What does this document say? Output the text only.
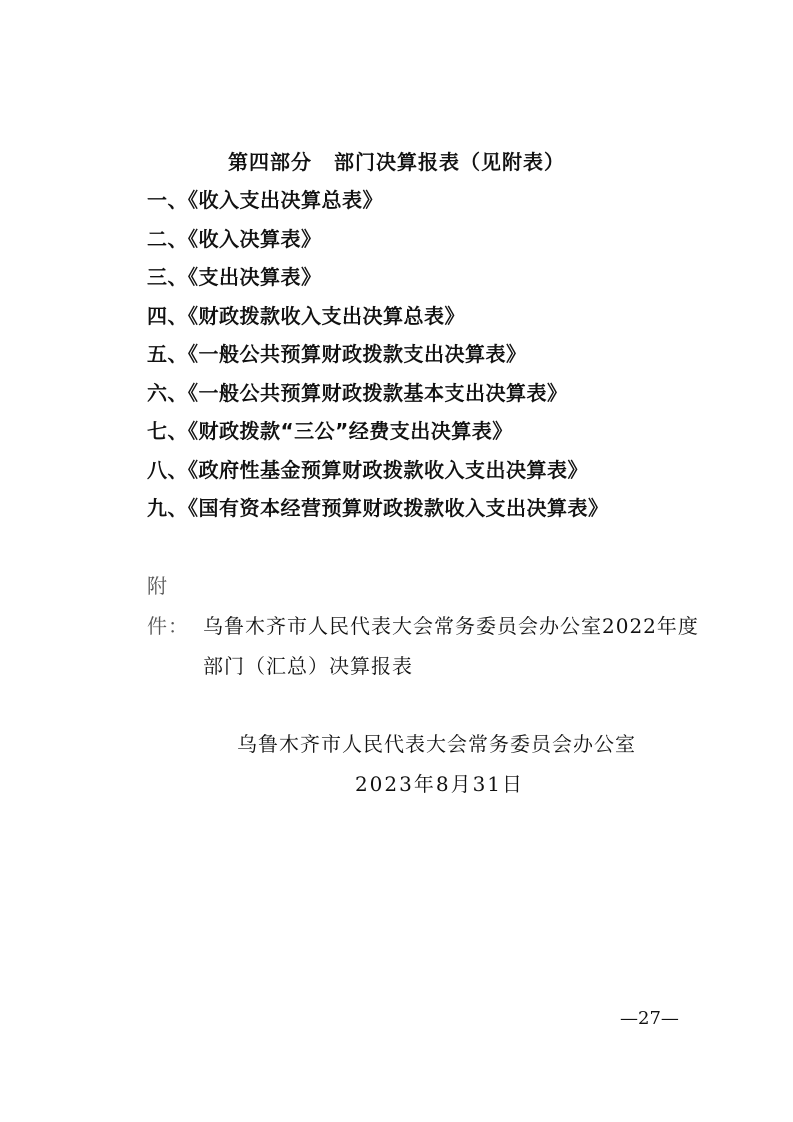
第四部分 部门决算报表（见附表）
一、《收入支出决算总表》
二、《收入决算表》
三、《支出决算表》
四、《财政拨款收入支出决算总表》
五、《一般公共预算财政拨款支出决算表》
六、《一般公共预算财政拨款基本支出决算表》
七、《财政拨款“三公”经费支出决算表》
八、《政府性基金预算财政拨款收入支出决算表》
九、《国有资本经营预算财政拨款收入支出决算表》
附件： 乌鲁木齐市人民代表大会常务委员会办公室2022年度
部门（汇总）决算报表
乌鲁木齐市人民代表大会常务委员会办公室
2023年8月31日
—27—
